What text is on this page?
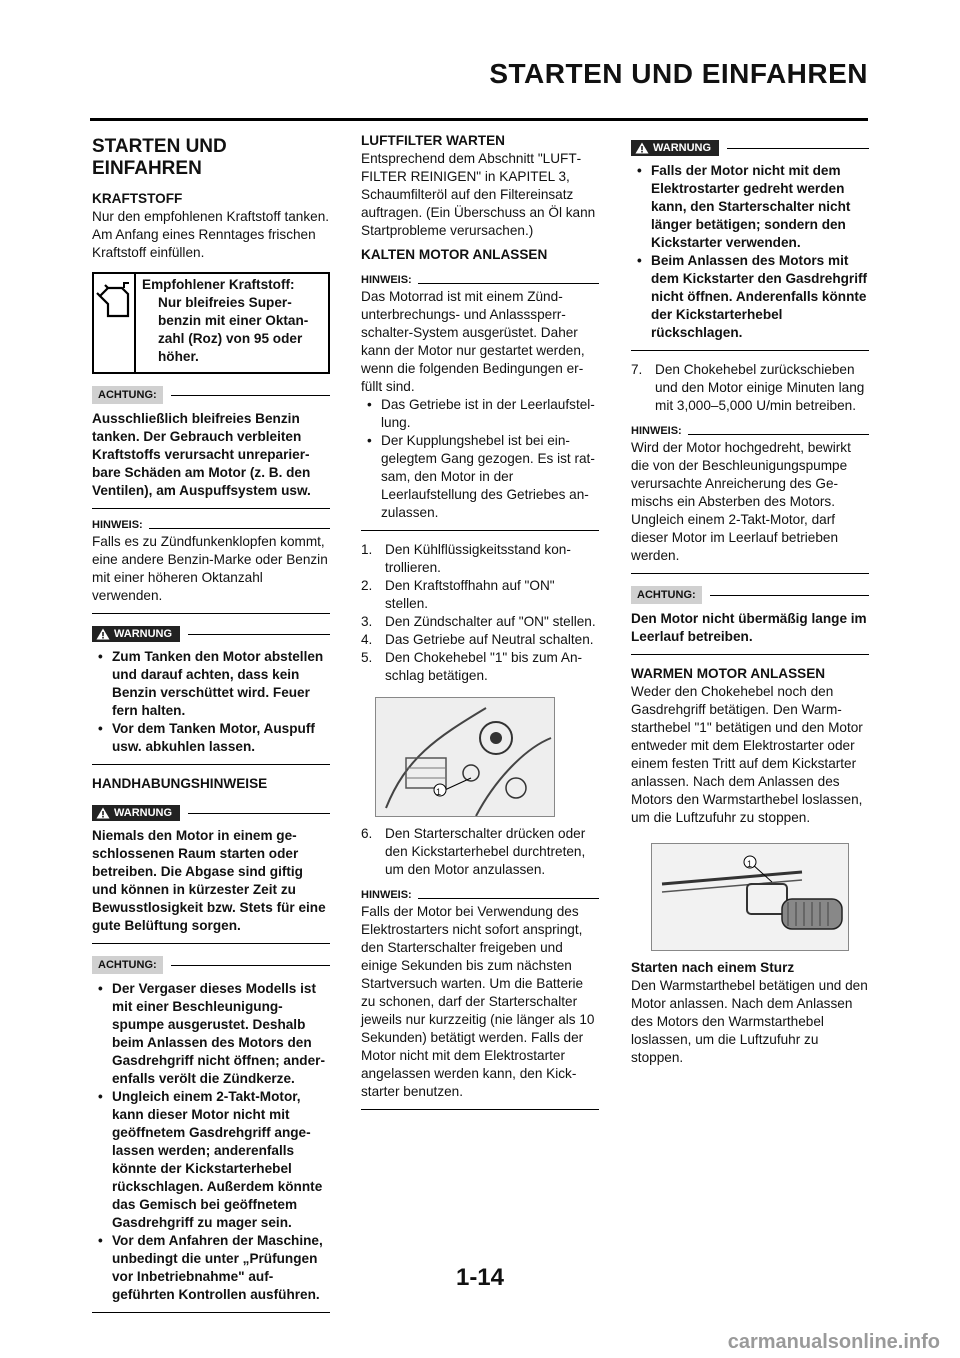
STARTEN UND EINFAHREN
STARTEN UND EINFAHREN

KRAFTSTOFF

Nur den empfohlenen Kraftstoff tanken. Am Anfang eines Renntages frischen Kraftstoff einfüllen.

Empfohlener Kraftstoff:
Nur bleifreies Superbenzin mit einer Oktanzahl (Roz) von 95 oder höher.
ACHTUNG:

Ausschließlich bleifreies Benzin tanken. Der Gebrauch verbleiten Kraftstoffs verursacht unreparierbare Schäden am Motor (z. B. den Ventilen), am Auspuffsystem usw.

HINWEIS:

Falls es zu Zündfunkenklopfen kommt, eine andere Benzin-Marke oder Benzin mit einer höheren Oktanzahl verwenden.

WARNUNG
• Zum Tanken den Motor abstellen und darauf achten, dass kein Benzin verschüttet wird. Feuer fern halten.
• Vor dem Tanken Motor, Auspuff usw. abkuhlen lassen.

HANDHABUNGSHINWEISE

WARNUNG

Niemals den Motor in einem geschlossenen Raum starten oder betreiben. Die Abgase sind giftig und können in kürzester Zeit zu Bewusstlosigkeit bzw. Stets für eine gute Belüftung sorgen.

ACHTUNG:
• Der Vergaser dieses Modells ist mit einer Beschleunigungspumpe ausgerustet. Deshalb beim Anlassen des Motors den Gasdrehgriff nicht öffnen; anderenfalls verölt die Zündkerze.
• Ungleich einem 2-Takt-Motor, kann dieser Motor nicht mit geöffnetem Gasdrehgriff angelassen werden; anderenfalls könnte der Kickstarterhebel rückschlagen. Außerdem könnte das Gemisch bei geöffnetem Gasdrehgriff zu mager sein.
• Vor dem Anfahren der Maschine, unbedingt die unter „Prüfungen vor Inbetriebnahme" aufgeführten Kontrollen ausführen.

LUFTFILTER WARTEN

Entsprechend dem Abschnitt "LUFTFILTER REINIGEN" in KAPITEL 3, Schaumfilteröl auf den Filtereinsatz auftragen. (Ein Überschuss an Öl kann Startprobleme verursachen.)

KALTEN MOTOR ANLASSEN

HINWEIS:

Das Motorrad ist mit einem Zündunterbrechungs- und Anlasssperrschalter-System ausgerüstet. Daher kann der Motor nur gestartet werden, wenn die folgenden Bedingungen erfüllt sind.

• Das Getriebe ist in der Leerlaufstellung.
• Der Kupplungshebel ist bei eingelegtem Gang gezogen. Es ist ratsam, den Motor in der Leerlaufstellung des Getriebes anzulassen.
1. Den Kühlflüssigkeitsstand kontrollieren.
2. Den Kraftstoffhahn auf "ON" stellen.
3. Den Zündschalter auf "ON" stellen.
4. Das Getriebe auf Neutral schalten.
5. Den Chokehebel "1" bis zum Anschlag betätigen.
1
6. Den Starterschalter drücken oder den Kickstarterhebel durchtreten, um den Motor anzulassen.
HINWEIS:

Falls der Motor bei Verwendung des Elektrostarters nicht sofort anspringt, den Starterschalter freigeben und einige Sekunden bis zum nächsten Startversuch warten. Um die Batterie zu schonen, darf der Starterschalter jeweils nur kurzzeitig (nie länger als 10 Sekunden) betätigt werden. Falls der Motor nicht mit dem Elektrostarter angelassen werden kann, den Kickstarter benutzen.

WARNUNG
• Falls der Motor nicht mit dem Elektrostarter gedreht werden kann, den Starterschalter nicht länger betätigen; sondern den Kickstarter verwenden.
• Beim Anlassen des Motors mit dem Kickstarter den Gasdrehgriff nicht öffnen. Anderenfalls könnte der Kickstarterhebel rückschlagen.
7. Den Chokehebel zurückschieben und den Motor einige Minuten lang mit 3,000–5,000 U/min betreiben.
HINWEIS:

Wird der Motor hochgedreht, bewirkt die von der Beschleunigungspumpe verursachte Anreicherung des Gemischs ein Absterben des Motors. Ungleich einem 2-Takt-Motor, darf dieser Motor im Leerlauf betrieben werden.

ACHTUNG:

Den Motor nicht übermäßig lange im Leerlauf betreiben.

WARMEN MOTOR ANLASSEN

Weder den Chokehebel noch den Gasdrehgriff betätigen. Den Warmstarthebel "1" betätigen und den Motor entweder mit dem Elektrostarter oder einem festen Tritt auf dem Kickstarter anlassen. Nach dem Anlassen des Motors den Warmstarthebel loslassen, um die Luftzufuhr zu stoppen.

1

Starten nach einem Sturz

Den Warmstarthebel betätigen und den Motor anlassen. Nach dem Anlassen des Motors den Warmstarthebel loslassen, um die Luftzufuhr zu stoppen.

1-14
carmanualsonline.info
